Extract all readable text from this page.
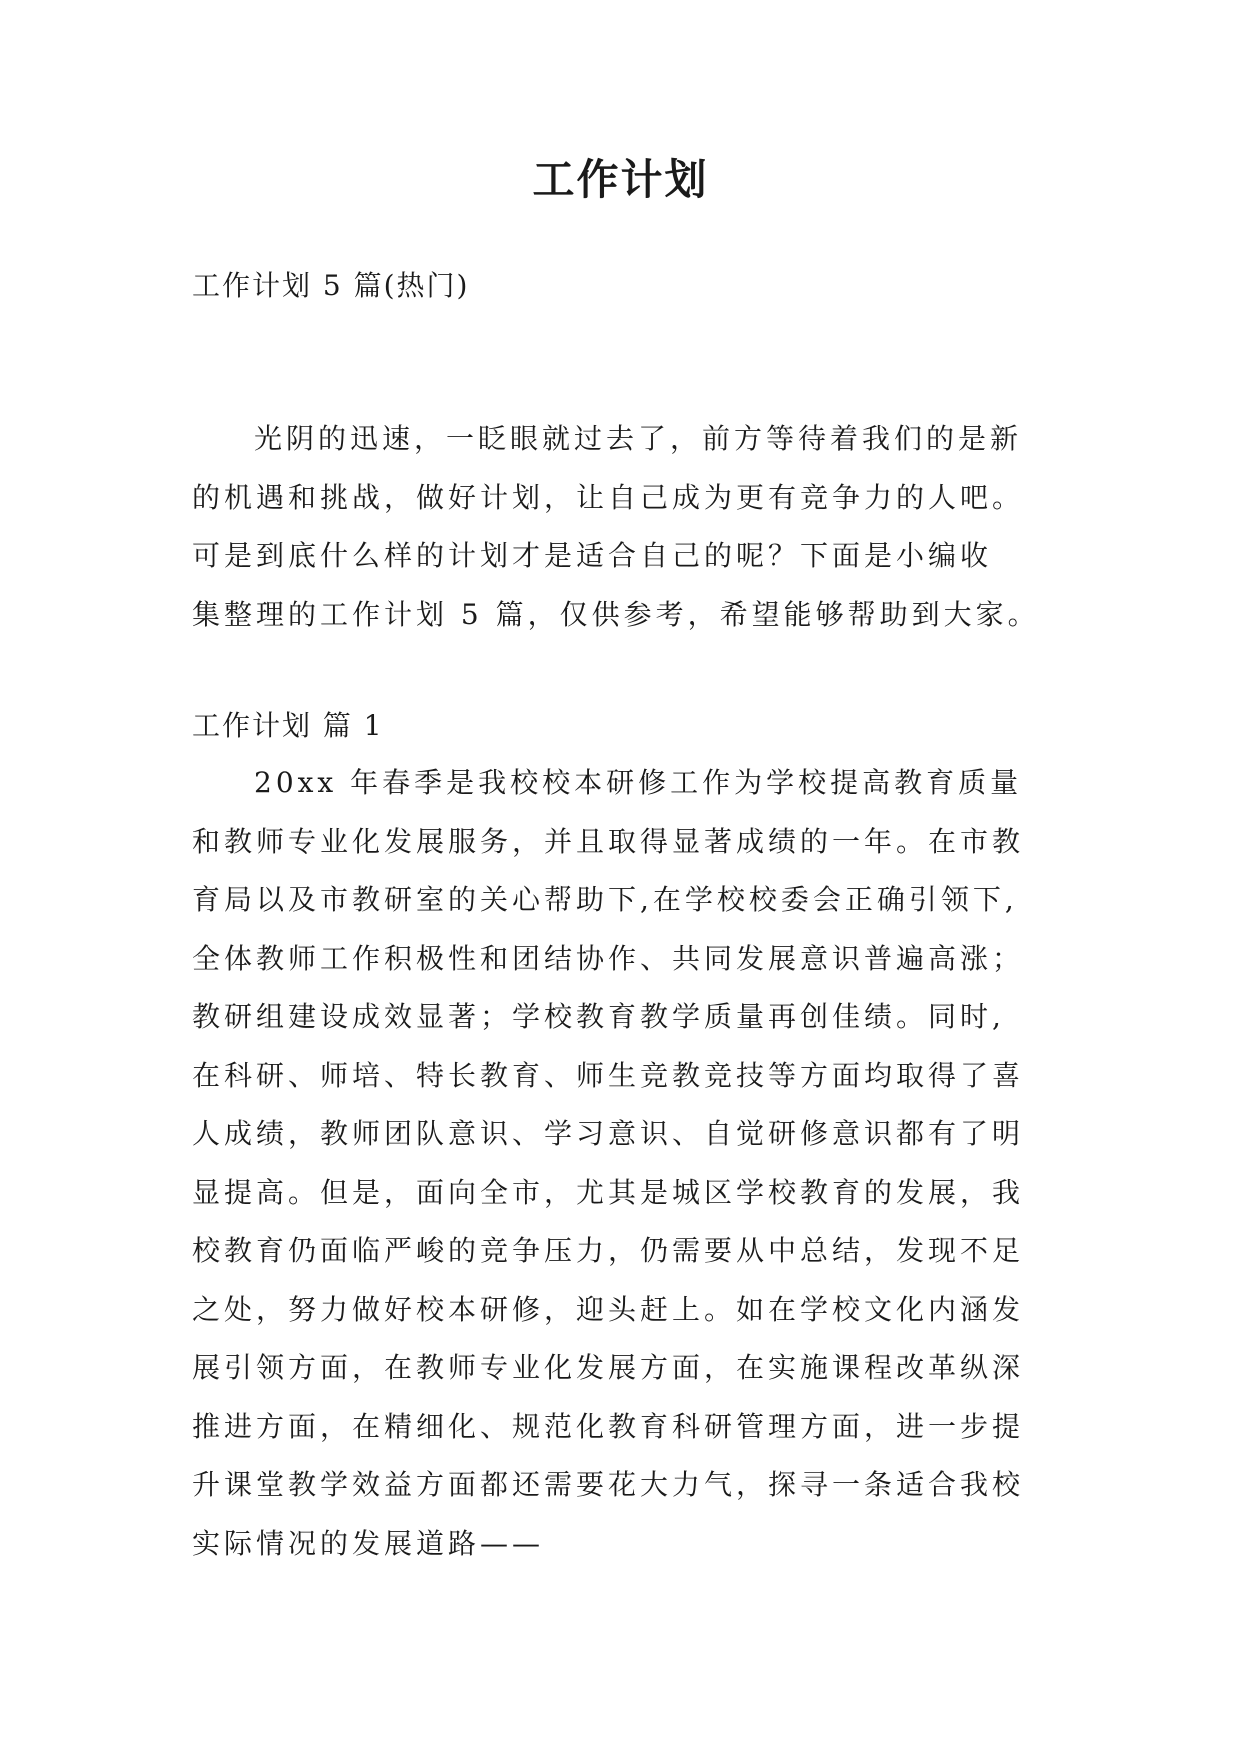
工作计划

工作计划 5 篇(热门)

光阴的迅速，一眨眼就过去了，前方等待着我们的是新
的机遇和挑战，做好计划，让自己成为更有竞争力的人吧。
可是到底什么样的计划才是适合自己的呢？下面是小编收
集整理的工作计划 5 篇，仅供参考，希望能够帮助到大家。

工作计划 篇 1

20xx 年春季是我校校本研修工作为学校提高教育质量
和教师专业化发展服务，并且取得显著成绩的一年。在市教
育局以及市教研室的关心帮助下,在学校校委会正确引领下,
全体教师工作积极性和团结协作、共同发展意识普遍高涨；
教研组建设成效显著；学校教育教学质量再创佳绩。同时,
在科研、师培、特长教育、师生竞教竞技等方面均取得了喜
人成绩，教师团队意识、学习意识、自觉研修意识都有了明
显提高。但是，面向全市，尤其是城区学校教育的发展，我
校教育仍面临严峻的竞争压力，仍需要从中总结，发现不足
之处，努力做好校本研修，迎头赶上。如在学校文化内涵发
展引领方面，在教师专业化发展方面，在实施课程改革纵深
推进方面，在精细化、规范化教育科研管理方面，进一步提
升课堂教学效益方面都还需要花大力气，探寻一条适合我校
实际情况的发展道路——
